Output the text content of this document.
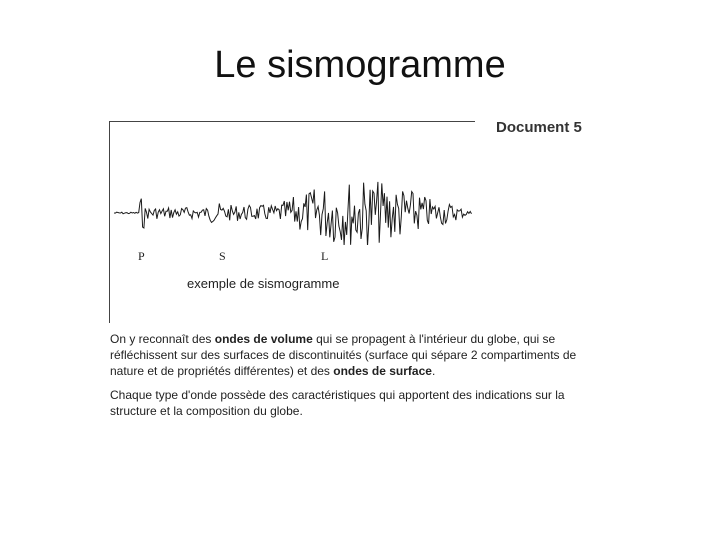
Le sismogramme
Document 5
P	S	L
exemple de sismogramme

On y reconnaît des ondes de volume qui se propagent à l'intérieur du globe, qui se réfléchissent sur des surfaces de discontinuités (surface qui sépare 2 compartiments de nature et de propriétés différentes) et des ondes de surface.

Chaque type d'onde possède des caractéristiques qui apportent des indications sur la structure et la composition du globe.
